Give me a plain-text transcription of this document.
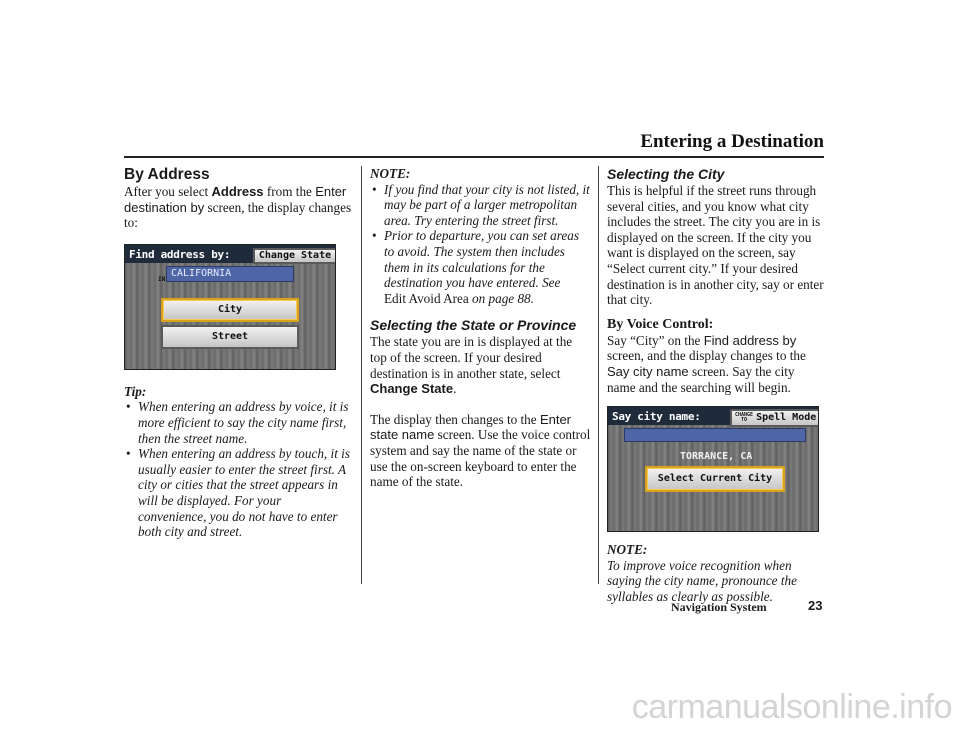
Entering a Destination
By Address

After you select Address from the Enter destination by screen, the display changes to:

Find address by:	Change State
IN
CALIFORNIA
City
Street

Tip:

• When entering an address by voice, it is more efficient to say the city name first, then the street name.
• When entering an address by touch, it is usually easier to enter the street first. A city or cities that the street appears in will be displayed. For your convenience, you do not have to enter both city and street.

NOTE:

• If you find that your city is not listed, it may be part of a larger metropolitan area. Try entering the street first.
• Prior to departure, you can set areas to avoid. The system then includes them in its calculations for the destination you have entered. See
Edit Avoid Area on page 88.
Selecting the State or Province

The state you are in is displayed at the top of the screen. If your desired destination is in another state, select Change State.

The display then changes to the Enter state name screen. Use the voice control system and say the name of the state or use the on-screen keyboard to enter the name of the state.

Selecting the City

This is helpful if the street runs through several cities, and you know what city includes the street. The city you are in is displayed on the screen. If the city you want is displayed on the screen, say “Select current city.” If your desired destination is in another city, say or enter that city.

By Voice Control:

Say “City” on the Find address by screen, and the display changes to the Say city name screen. Say the city name and the searching will begin.

Say city name:	CHANGE
TO Spell Mode
TORRANCE, CA
Select Current City

NOTE:

To improve voice recognition when saying the city name, pronounce the syllables as clearly as possible.

Navigation System	23
carmanualsonline.info
